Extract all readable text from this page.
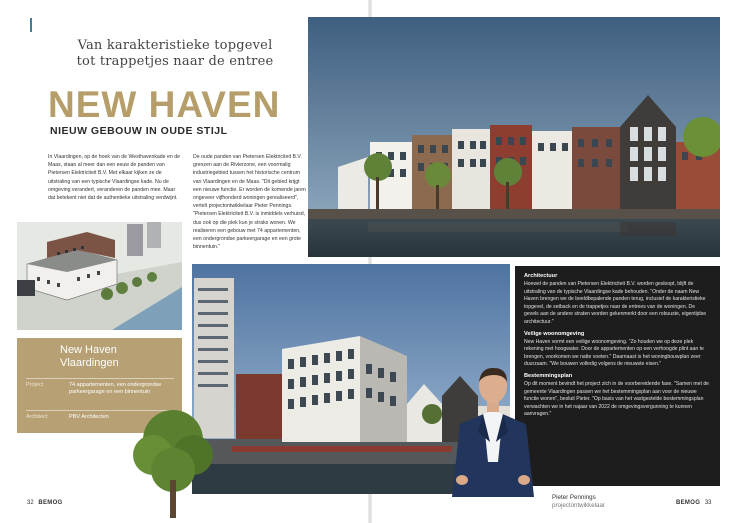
Van karakteristieke topgevel
tot trappetjes naar de entree
NEW HAVEN
NIEUW GEBOUW IN OUDE STIJL
In Vlaardingen, op de hoek van de Westhavenkade en de Maas, staan al meer dan een eeuw de panden van Pietersen Elektriciteit B.V. Met elkaar kijken ze de uitstraling van een typische Vlaardingse kade. Nu de omgeving verandert, veranderen de panden mee. Maar dat betekent niet dat de authentieke uitstraling verdwijnt.
De oude panden van Pietersen Elektriciteit B.V. grenzen aan de Rivierzone, een voormalig industriegebied tussen het historische centrum van Vlaardingen en de Maas. "Dit gebied krijgt een nieuwe functie. Er worden de komende jaren ongeveer vijfhonderd woningen gerealiseerd", vertelt projectontwikkelaar Pieter Pennings. "Pietersen Elektriciteit B.V. is inmiddels verhuisd, dus ook op die plek kun je straks wonen. We realiseren een gebouw met 74 appartementen, een ondergrondse parkeergarage en een grote binnentuin."
New Haven
Vlaardingen
Project	74 appartementen, een ondergrondse parkeergarage en een binnentuin
Architect	PBV Architecten
Architectuur
Hoewel de panden van Pietersen Elektriciteit B.V. worden gesloopt, blijft de uitstraling van de typische Vlaardingse kade behouden. "Onder de naam New Haven brengen we de beeldbepalende panden terug, inclusief de karakteristieke topgevel, de setback en de trappetjes naar de entrees van de woningen. De gevels aan de andere straten worden gekenmerkt door een robuuste, eigentijdse architectuur."
Veilige woonomgeving
New Haven vormt een veilige woonomgeving. "Zo houden we op deze plek rekening met hoogwater. Door de appartementen op een verhoogde plint aan te brengen, voorkomen we natte voeten." Daarnaast is het woningbouwplan zeer duurzaam. "We bouwen volledig volgens de nieuwste eisen."
Bestemmingsplan
Op dit moment bevindt het project zich in de voorbereidende fase. "Samen met de gemeente Vlaardingen passen we het bestemmingsplan aan voor de nieuwe functie wonen", besluit Pieter. "Op basis van het vastgestelde bestemmingsplan verwachten we in het najaar van 2022 de omgevingsvergunning te kunnen aanvragen."
Pieter Pennings
projectontwikkelaar
32 BEMOG	BEMOG 33
